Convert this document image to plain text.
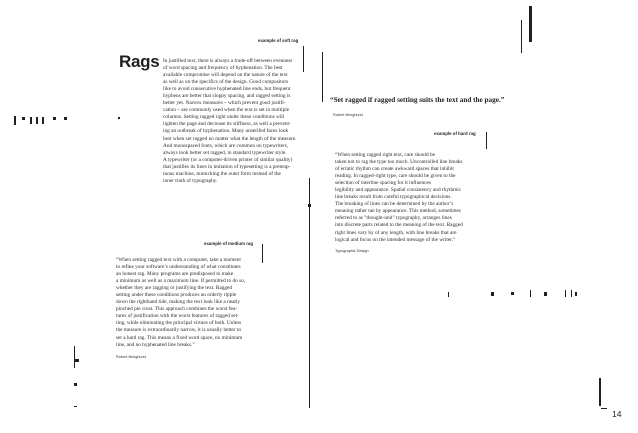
Rags
example of soft rag
example of medium rag
example of hard rag
In justified text, there is always a trade-off between evenness
of word spacing and frequency of hyphenation. The best
available compromise will depend on the nature of the text
as well as on the specifics of the design. Good compositors
like to avoid consecutive hyphenated line ends, but frequent
hyphens are better that sloppy spacing, and ragged setting is
better yet. Narrow measures – which prevent good justifi-
cation – are commonly used when the text is set in multiple
columns. Setting ragged right under these conditions will
lighten the page and decrease its stiffness, as well a prevent-
ing an outbreak of hyphenation. Many unserifed faces look
best when set ragged no matter what the length of the measure.
And monospaced fonts, which are common on typewriters,
always look better set ragged, in standard typewriter style.
A typewriter (or a computer-driven printer of similar quality)
that justifies its lines in imitation of typesetting is a pretenp-
tuous machine, mimicking the outer form instead of the
inner truth of typography.
“When setting ragged text with a computer, take a moment
to refine your software’s understanding of what constitutes
an honest rag. Many programs are predisposed to make
a minimum as well as a maximum line. If permitted to do so,
whether they are ragging or justifying the text. Ragged
setting under these conditions produces an orderly ripple
down the righthand tide, making the text look like a neatly
pinched pie crust. This approach combines the worst fea-
tures of justification with the worst features of ragged set-
ting, while eliminating the principal virtues of both. Unless
the measure is extraordinarily narrow, it is usually better to
set a hard rag. This means a fixed word space, no minimum
line, and no hyphenated line breaks.”
Robert Bringhurst
“Set ragged if ragged setting suits the text and the page.”
Robert Bringhurst
“When setting ragged right text, care should be
taken not to rag the type too much. Uncontrolled line breaks
of erratic rhythm can create awkward spaces that inhibit
reading. In ragged-right type, care should be given to the
selection of interline spacing for it influences
legibility and appearance. Spatial consistency and rhythmic
line breaks result from careful typographical decisions.
The breaking of lines can be determined by the author’s
meaning rather tan by appearance. This method, sometimes
referred to as "thought-unit" typography, arranges lines
into discrete parts related to the meaning of the text. Ragged
right lines vary by of any length, with line breaks that are
logical and focus on the intended message of the writer.”
Typographic Design
14
